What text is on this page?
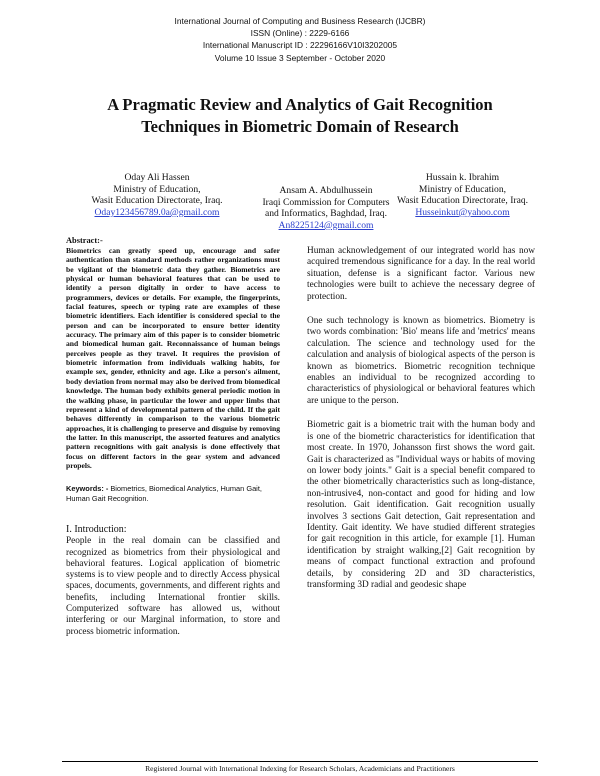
International Journal of Computing and Business Research (IJCBR)
ISSN (Online) : 2229-6166
International Manuscript ID : 22296166V10I3202005
Volume 10 Issue 3 September - October 2020
A Pragmatic Review and Analytics of Gait Recognition
Techniques in Biometric Domain of Research
Oday Ali Hassen
Ministry of Education,
Wasit Education Directorate, Iraq.
Oday123456789.0a@gmail.com
Ansam A. Abdulhussein
Iraqi Commission for Computers
and Informatics, Baghdad, Iraq.
An8225124@gmail.com
Hussain k. Ibrahim
Ministry of Education,
Wasit Education Directorate, Iraq.
Husseinkut@yahoo.com
Abstract:-

Biometrics can greatly speed up, encourage and safer authentication than standard methods rather organizations must be vigilant of the biometric data they gather. Biometrics are physical or human behavioral features that can be used to identify a person digitally in order to have access to programmers, devices or details. For example, the fingerprints, facial features, speech or typing rate are examples of these biometric identifiers. Each identifier is considered special to the person and can be incorporated to ensure better identity accuracy. The primary aim of this paper is to consider biometric and biomedical human gait. Reconnaissance of human beings perceives people as they travel. It requires the provision of biometric information from individuals walking habits, for example sex, gender, ethnicity and age. Like a person's ailment, body deviation from normal may also be derived from biomedical knowledge. The human body exhibits general periodic motion in the walking phase, in particular the lower and upper limbs that represent a kind of developmental pattern of the child. If the gait behaves differently in comparison to the various biometric approaches, it is challenging to preserve and disguise by removing the latter. In this manuscript, the assorted features and analytics pattern recognitions with gait analysis is done effectively that focus on different factors in the gear system and advanced propels.

Keywords: - Biometrics, Biomedical Analytics, Human Gait, Human Gait Recognition.
I. Introduction:

People in the real domain can be classified and recognized as biometrics from their physiological and behavioral features. Logical application of biometric systems is to view people and to directly Access physical spaces, documents, governments, and different rights and benefits, including International frontier skills. Computerized software has allowed us, without interfering or our Marginal information, to store and process biometric information.

Human acknowledgement of our integrated world has now acquired tremendous significance for a day. In the real world situation, defense is a significant factor. Various new technologies were built to achieve the necessary degree of protection.

One such technology is known as biometrics. Biometry is two words combination: 'Bio' means life and 'metrics' means calculation. The science and technology used for the calculation and analysis of biological aspects of the person is known as biometrics. Biometric recognition technique enables an individual to be recognized according to characteristics of physiological or behavioral features which are unique to the person.

Biometric gait is a biometric trait with the human body and is one of the biometric characteristics for identification that most create. In 1970, Johansson first shows the word gait. Gait is characterized as "Individual ways or habits of moving on lower body joints." Gait is a special benefit compared to the other biometrically characteristics such as long-distance, non-intrusive4, non-contact and good for hiding and low resolution. Gait identification. Gait recognition usually involves 3 sections Gait detection, Gait representation and Identity. Gait identity. We have studied different strategies for gait recognition in this article, for example [1]. Human identification by straight walking,[2] Gait recognition by means of compact functional extraction and profound details, by considering 2D and 3D characteristics, transforming 3D radial and geodesic shape

Registered Journal with International Indexing for Research Scholars, Academicians and Practitioners
